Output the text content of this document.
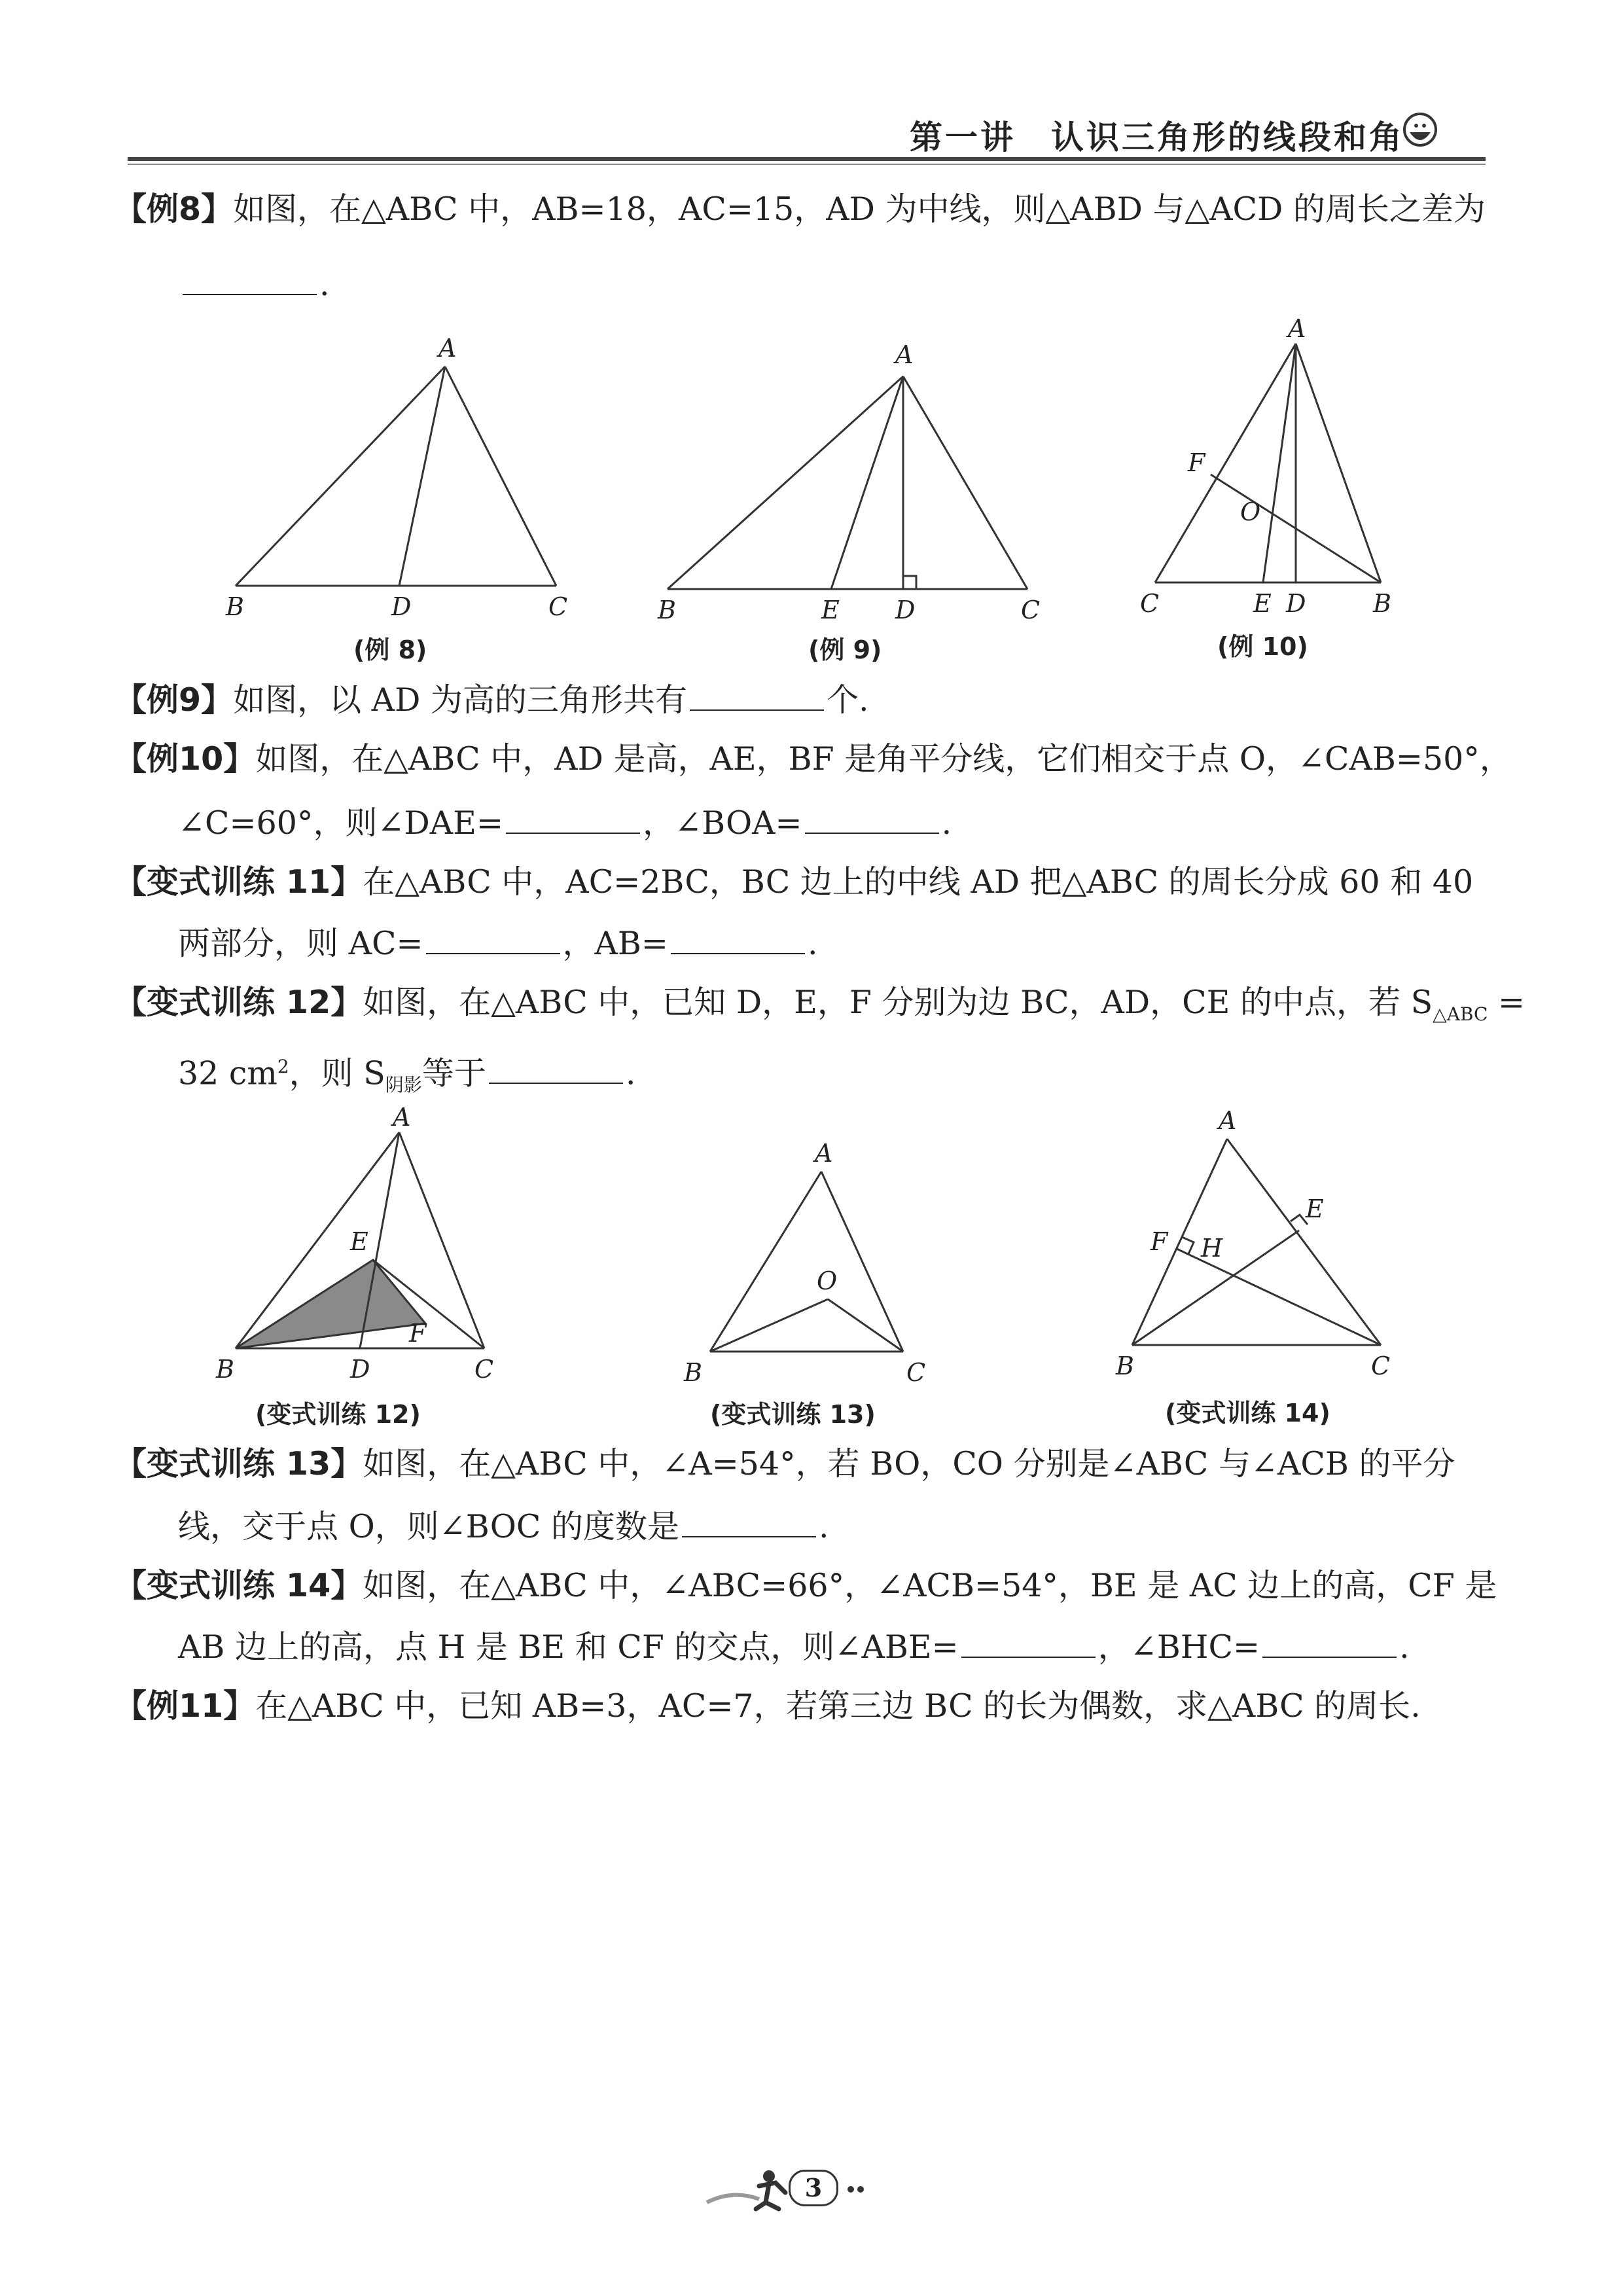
第一讲　认识三角形的线段和角
【例8】如图，在△ABC 中，AB=18，AC=15，AD 为中线，则△ABD 与△ACD 的周长之差为
.
A
B	D	C
(例 8)
A
B	E D	C
(例 9)
A
F
O
C	E D	B
(例 10)
【例9】如图，以 AD 为高的三角形共有	个.
【例10】如图，在△ABC 中，AD 是高，AE，BF 是角平分线，它们相交于点 O，∠CAB=50°，
∠C=60°，则∠DAE=	，∠BOA=	.
【变式训练 11】在△ABC 中，AC=2BC，BC 边上的中线 AD 把△ABC 的周长分成 60 和 40
两部分，则 AC=	，AB=	.
【变式训练 12】如图，在△ABC 中，已知 D，E，F 分别为边 BC，AD，CE 的中点，若 $S_{\triangle ABC}$ =
32 $cm^2$，则 $S_{阴影}$等于	.
A
E
F
B	D	C
(变式训练 12)
A
O
B	C
(变式训练 13)
A
E
F H
B	C
(变式训练 14)
【变式训练 13】如图，在△ABC 中，∠A=54°，若 BO，CO 分别是∠ABC 与∠ACB 的平分
线，交于点 O，则∠BOC 的度数是	.
【变式训练 14】如图，在△ABC 中，∠ABC=66°，∠ACB=54°，BE 是 AC 边上的高，CF 是
AB 边上的高，点 H 是 BE 和 CF 的交点，则∠ABE=	，∠BHC=	.
【例11】在△ABC 中，已知 AB=3，AC=7，若第三边 BC 的长为偶数，求△ABC 的周长.
3
